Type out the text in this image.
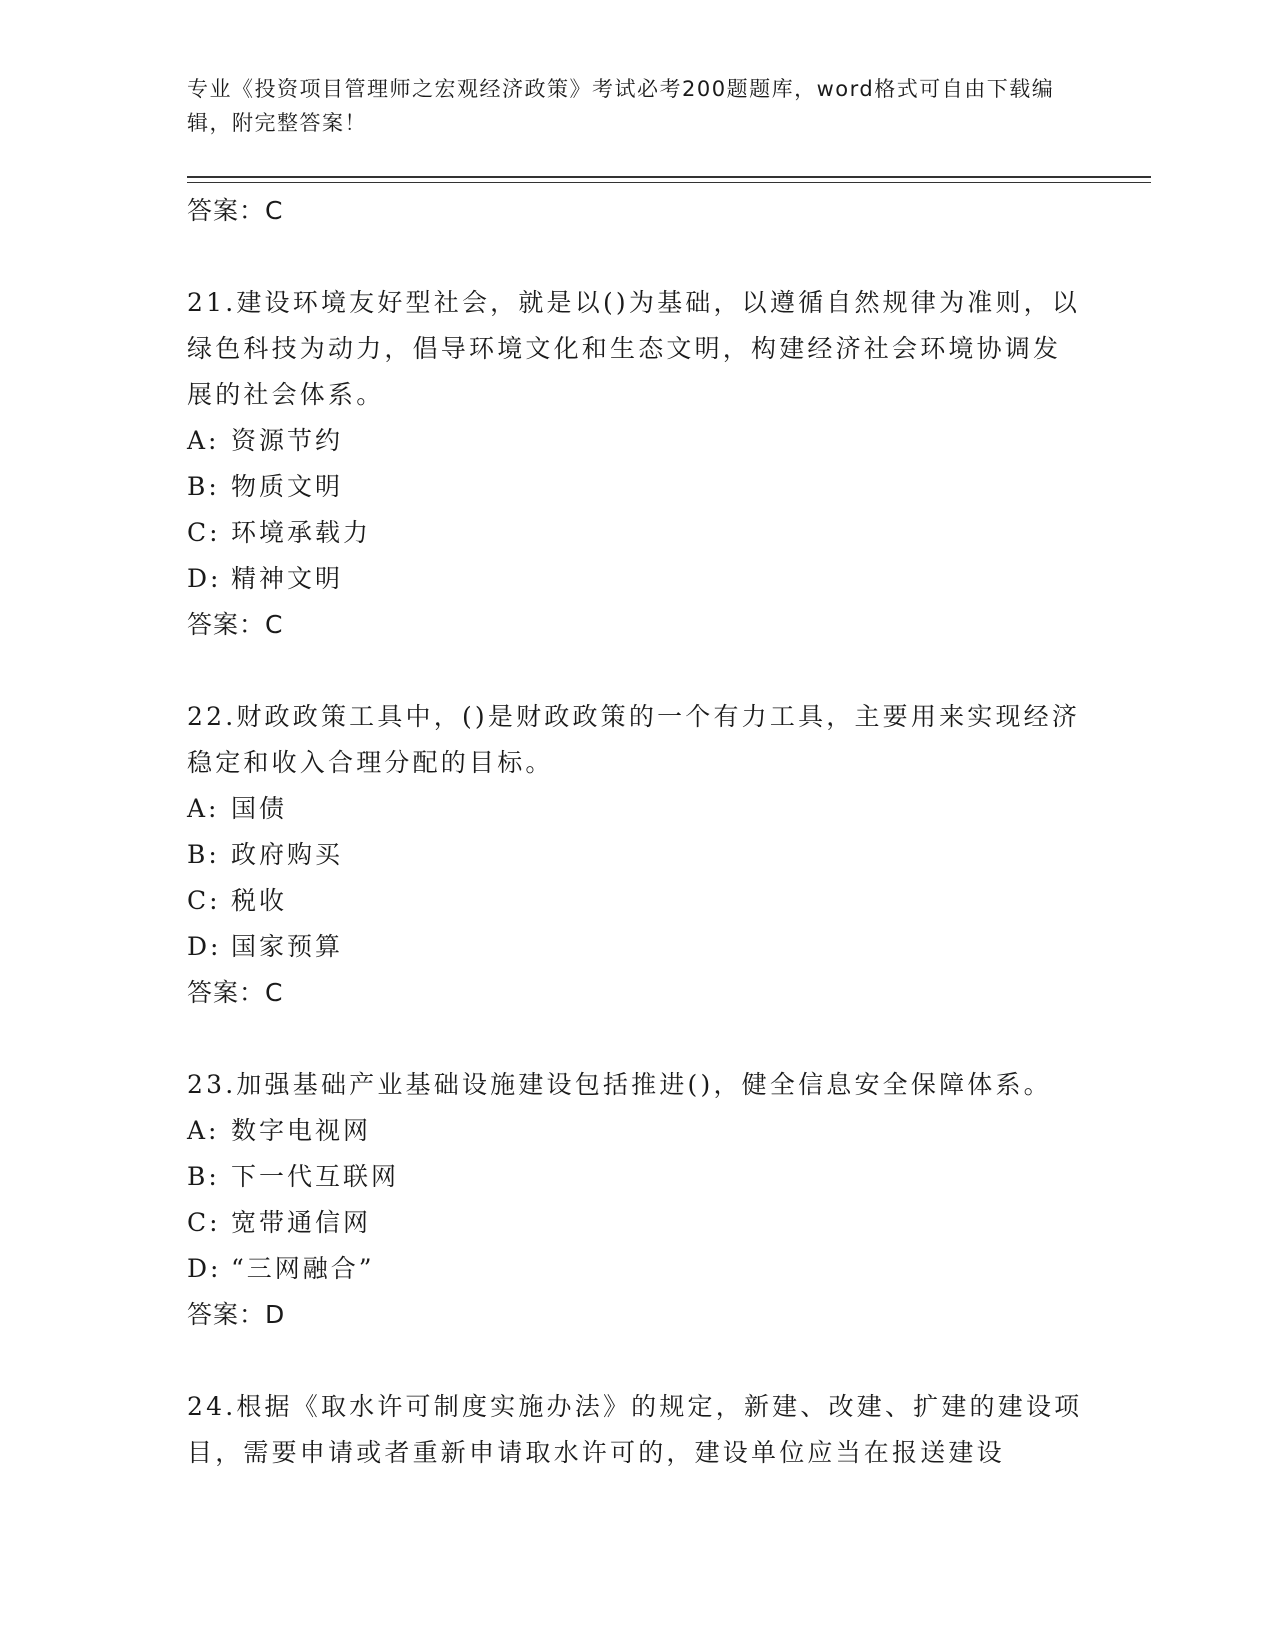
专业《投资项目管理师之宏观经济政策》考试必考200题题库，word格式可自由下载编辑，附完整答案！
答案：C

21.建设环境友好型社会，就是以()为基础，以遵循自然规律为准则，以绿色科技为动力，倡导环境文化和生态文明，构建经济社会环境协调发展的社会体系。

A: 资源节约
B: 物质文明
C: 环境承载力
D: 精神文明
答案：C

22.财政政策工具中，()是财政政策的一个有力工具，主要用来实现经济稳定和收入合理分配的目标。

A: 国债
B: 政府购买
C: 税收
D: 国家预算
答案：C

23.加强基础产业基础设施建设包括推进()，健全信息安全保障体系。

A: 数字电视网
B: 下一代互联网
C: 宽带通信网
D: “三网融合”
答案：D

24.根据《取水许可制度实施办法》的规定，新建、改建、扩建的建设项目，需要申请或者重新申请取水许可的，建设单位应当在报送建设
